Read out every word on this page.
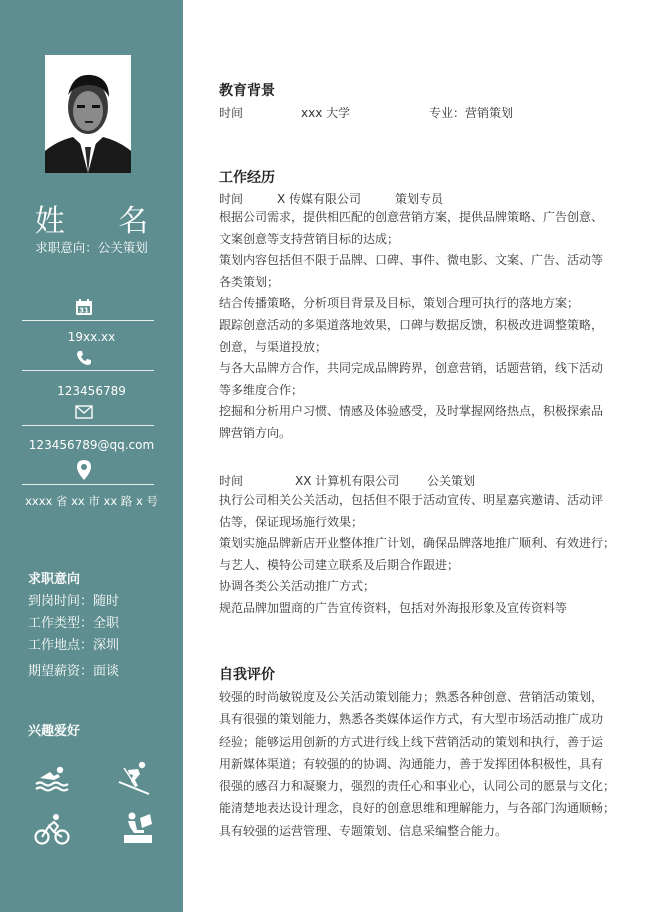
姓 名
求职意向：公关策划
31
19xx.xx
123456789
123456789@qq.com
xxxx 省 xx 市 xx 路 x 号
求职意向
到岗时间：随时
工作类型：全职
工作地点：深圳
期望薪资：面谈
兴趣爱好
教育背景
时间	xxx 大学	专业：营销策划
工作经历
时间	X 传媒有限公司	策划专员
根据公司需求，提供相匹配的创意营销方案，提供品牌策略、广告创意、
文案创意等支持营销目标的达成；
策划内容包括但不限于品牌、口碑、事件、微电影、文案、广告、活动等
各类策划；
结合传播策略，分析项目背景及目标，策划合理可执行的落地方案；
跟踪创意活动的多渠道落地效果，口碑与数据反馈，积极改进调整策略，
创意，与渠道投放；
与各大品牌方合作，共同完成品牌跨界，创意营销，话题营销，线下活动
等多维度合作；
挖掘和分析用户习惯、情感及体验感受，及时掌握网络热点，积极探索品
牌营销方向。
时间	XX 计算机有限公司 公关策划
执行公司相关公关活动，包括但不限于活动宣传、明星嘉宾邀请、活动评
估等，保证现场施行效果；
策划实施品牌新店开业整体推广计划，确保品牌落地推广顺利、有效进行；
与艺人、模特公司建立联系及后期合作跟进；
协调各类公关活动推广方式；
规范品牌加盟商的广告宣传资料，包括对外海报形象及宣传资料等
自我评价
较强的时尚敏锐度及公关活动策划能力；熟悉各种创意、营销活动策划，
具有很强的策划能力，熟悉各类媒体运作方式，有大型市场活动推广成功
经验；能够运用创新的方式进行线上线下营销活动的策划和执行，善于运
用新媒体渠道；有较强的的协调、沟通能力，善于发挥团体积极性，具有
很强的感召力和凝聚力，强烈的责任心和事业心，认同公司的愿景与文化；
能清楚地表达设计理念，良好的创意思维和理解能力，与各部门沟通顺畅；
具有较强的运营管理、专题策划、信息采编整合能力。
